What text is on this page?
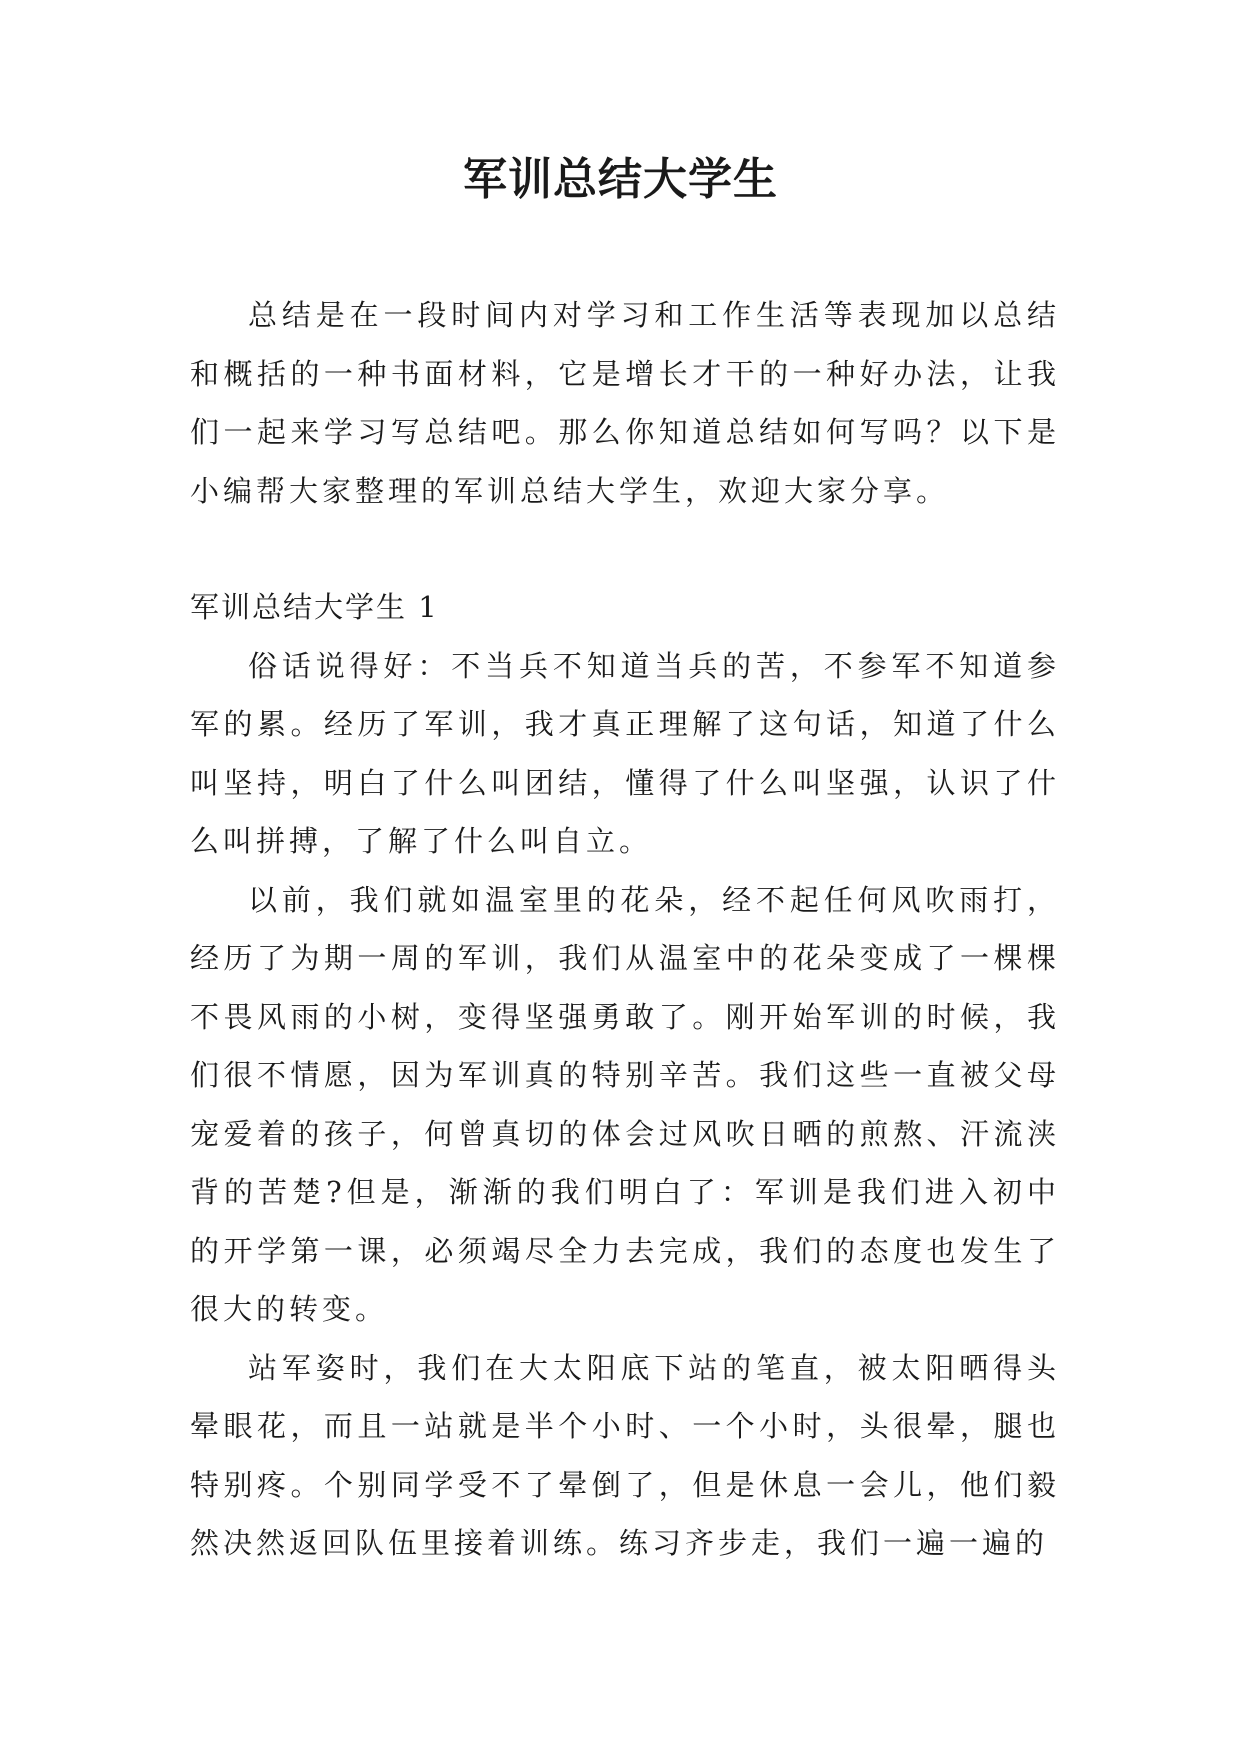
军训总结大学生

总结是在一段时间内对学习和工作生活等表现加以总结和概括的一种书面材料，它是增长才干的一种好办法，让我们一起来学习写总结吧。那么你知道总结如何写吗？以下是小编帮大家整理的军训总结大学生，欢迎大家分享。

军训总结大学生 1

俗话说得好：不当兵不知道当兵的苦，不参军不知道参军的累。经历了军训，我才真正理解了这句话，知道了什么叫坚持，明白了什么叫团结，懂得了什么叫坚强，认识了什么叫拼搏，了解了什么叫自立。

以前，我们就如温室里的花朵，经不起任何风吹雨打，经历了为期一周的军训，我们从温室中的花朵变成了一棵棵不畏风雨的小树，变得坚强勇敢了。刚开始军训的时候，我们很不情愿，因为军训真的特别辛苦。我们这些一直被父母宠爱着的孩子，何曾真切的体会过风吹日晒的煎熬、汗流浃背的苦楚?但是，渐渐的我们明白了：军训是我们进入初中的开学第一课，必须竭尽全力去完成，我们的态度也发生了很大的转变。

站军姿时，我们在大太阳底下站的笔直，被太阳晒得头晕眼花，而且一站就是半个小时、一个小时，头很晕，腿也特别疼。个别同学受不了晕倒了，但是休息一会儿，他们毅然决然返回队伍里接着训练。练习齐步走，我们一遍一遍的
